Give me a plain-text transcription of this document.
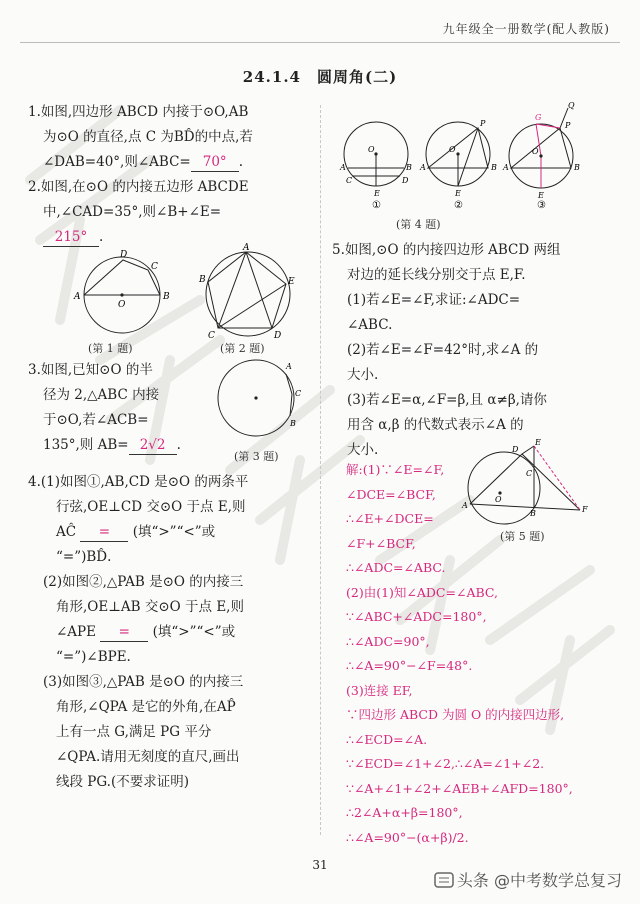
九年级全一册数学(配人教版)
24.1.4　圆周角(二)

1.如图,四边形 ABCD 内接于⊙O,AB

为⊙O 的直径,点 C 为BD̂的中点,若

∠DAB=40°,则∠ABC= 70° .

2.如图,在⊙O 的内接五边形 ABCDE

中,∠CAD=35°,则∠B+∠E=

215° .

A	B
C
D
O
A
E
D
C
B
(第 1 题)	(第 2 题)

3.如图,已知⊙O 的半

径为 2,△ABC 内接

于⊙O,若∠ACB=

135°,则 AB= 2√2 .

A
C
B
(第 3 题)

4.(1)如图①,AB,CD 是⊙O 的两条平

行弦,OE⊥CD 交⊙O 于点 E,则

AĈ = (填“>”“<”或

“=”)BD̂.

(2)如图②,△PAB 是⊙O 的内接三

角形,OE⊥AB 交⊙O 于点 E,则

∠APE = (填“>”“<”或

“=”)∠BPE.

(3)如图③,△PAB 是⊙O 的内接三

角形,∠QPA 是它的外角,在AP̂

上有一点 G,满足 PG 平分

∠QPA.请用无刻度的直尺,画出

线段 PG.(不要求证明)

O
A	B
C	D
E
O
A	B
P
E
G
Q
P
O
A	B
E
①	②	③
(第 4 题)

5.如图,⊙O 的内接四边形 ABCD 两组

对边的延长线分别交于点 E,F.

(1)若∠E=∠F,求证:∠ADC=

∠ABC.

(2)若∠E=∠F=42°时,求∠A 的

大小.

(3)若∠E=α,∠F=β,且 α≠β,请你

用含 α,β 的代数式表示∠A 的

大小.

A
D
E
C
B	F
O
(第 5 题)

解:(1)∵∠E=∠F,

∠DCE=∠BCF,

∴∠E+∠DCE=

∠F+∠BCF,

∴∠ADC=∠ABC.

(2)由(1)知∠ADC=∠ABC,

∵∠ABC+∠ADC=180°,

∴∠ADC=90°,

∴∠A=90°−∠F=48°.

(3)连接 EF,

∵四边形 ABCD 为圆 O 的内接四边形,

∴∠ECD=∠A.

∵∠ECD=∠1+∠2,∴∠A=∠1+∠2.

∵∠A+∠1+∠2+∠AEB+∠AFD=180°,

∴2∠A+α+β=180°,

∴∠A=90°−(α+β)/2.

31
头条 @中考数学总复习
